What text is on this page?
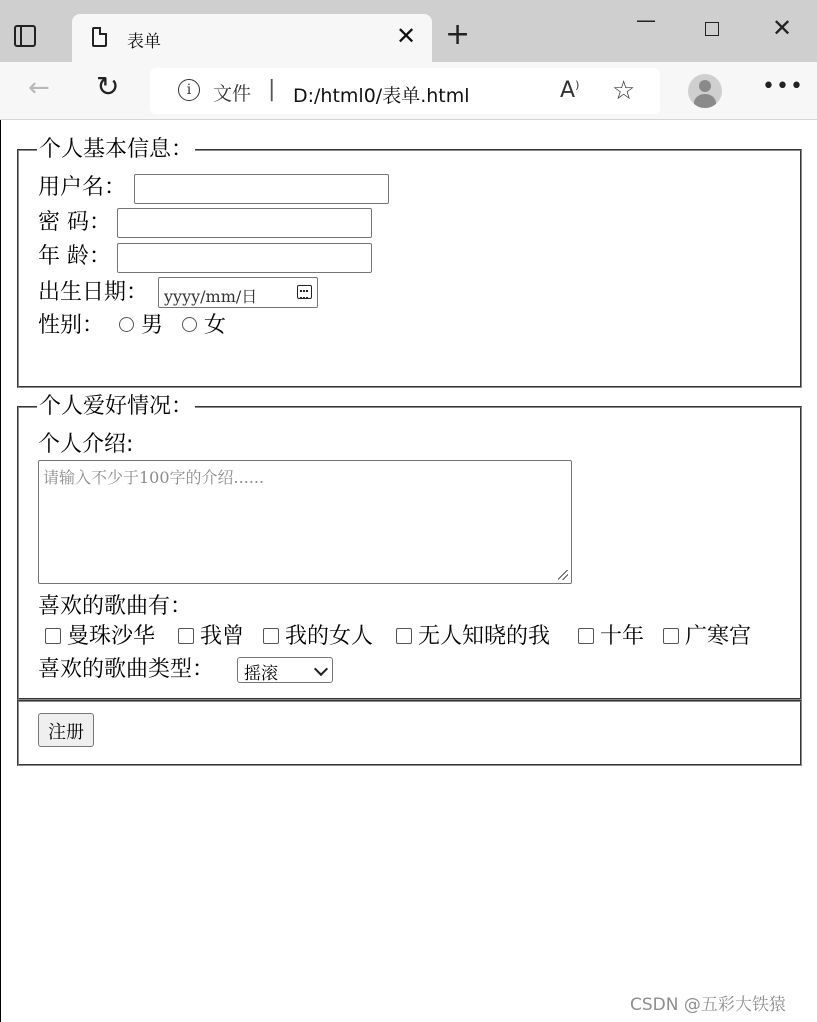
表单	✕ +	—	✕
← ↻	i	文件 | D:/html0/表单.html	A) ☆	•••
个人基本信息：
用户名：
密 码：
年 龄：
出生日期： yyyy/mm/日
性别： 男 女
个人爱好情况：
个人介绍:
请输入不少于100字的介绍......
喜欢的歌曲有：
曼珠沙华 我曾 我的女人 无人知晓的我 十年 广寒宫
喜欢的歌曲类型：	摇滚
注册
CSDN @五彩大铁猿
